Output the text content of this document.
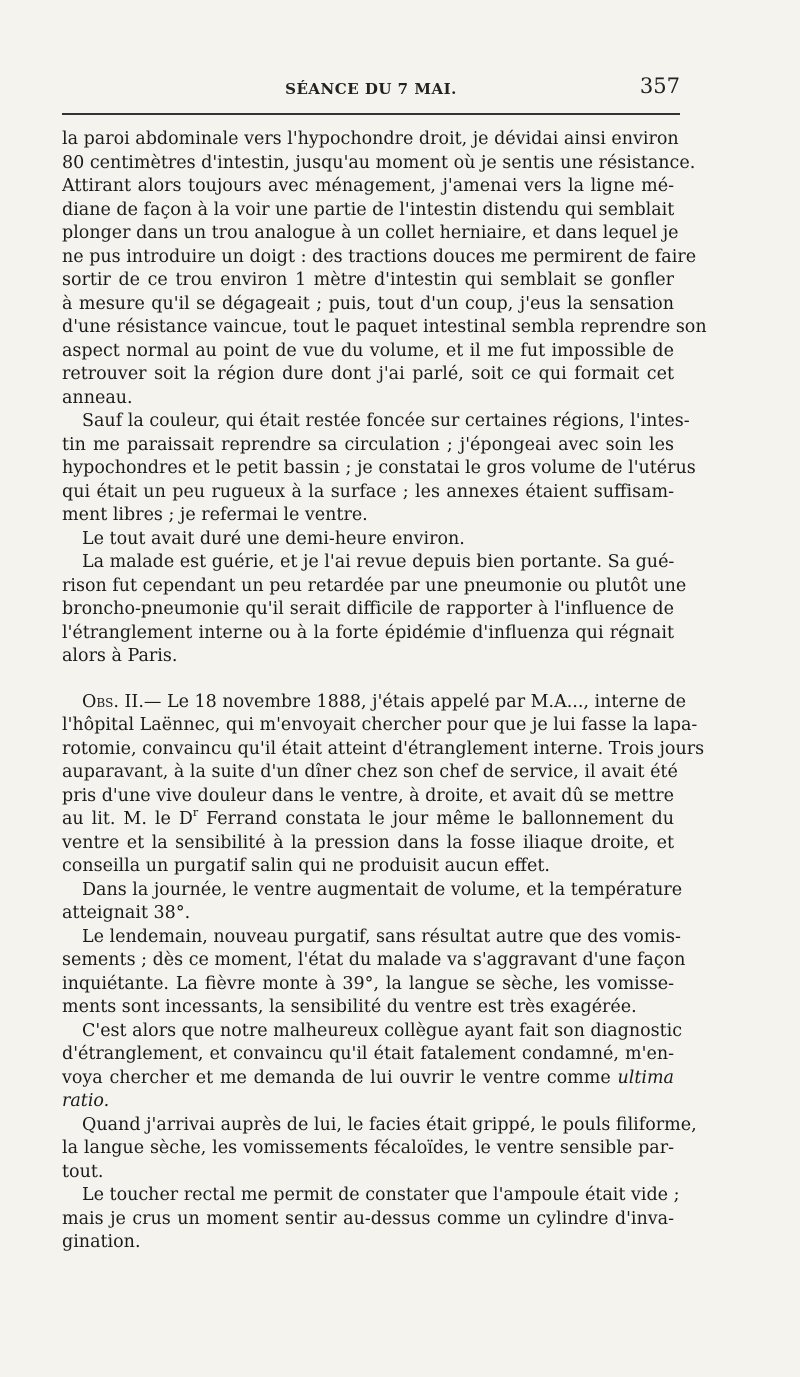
SÉANCE DU 7 MAI.	357
la paroi abdominale vers l'hypochondre droit, je dévidai ainsi environ
80 centimètres d'intestin, jusqu'au moment où je sentis une résistance.
Attirant alors toujours avec ménagement, j'amenai vers la ligne mé-
diane de façon à la voir une partie de l'intestin distendu qui semblait
plonger dans un trou analogue à un collet herniaire, et dans lequel je
ne pus introduire un doigt : des tractions douces me permirent de faire
sortir de ce trou environ 1 mètre d'intestin qui semblait se gonfler
à mesure qu'il se dégageait ; puis, tout d'un coup, j'eus la sensation
d'une résistance vaincue, tout le paquet intestinal sembla reprendre son
aspect normal au point de vue du volume, et il me fut impossible de
retrouver soit la région dure dont j'ai parlé, soit ce qui formait cet
anneau.
Sauf la couleur, qui était restée foncée sur certaines régions, l'intes-
tin me paraissait reprendre sa circulation ; j'épongeai avec soin les
hypochondres et le petit bassin ; je constatai le gros volume de l'utérus
qui était un peu rugueux à la surface ; les annexes étaient suffisam-
ment libres ; je refermai le ventre.
Le tout avait duré une demi-heure environ.
La malade est guérie, et je l'ai revue depuis bien portante. Sa gué-
rison fut cependant un peu retardée par une pneumonie ou plutôt une
broncho-pneumonie qu'il serait difficile de rapporter à l'influence de
l'étranglement interne ou à la forte épidémie d'influenza qui régnait
alors à Paris.
Obs. II.— Le 18 novembre 1888, j'étais appelé par M.A..., interne de
l'hôpital Laënnec, qui m'envoyait chercher pour que je lui fasse la lapa-
rotomie, convaincu qu'il était atteint d'étranglement interne. Trois jours
auparavant, à la suite d'un dîner chez son chef de service, il avait été
pris d'une vive douleur dans le ventre, à droite, et avait dû se mettre
au lit. M. le $D^r$ Ferrand constata le jour même le ballonnement du
ventre et la sensibilité à la pression dans la fosse iliaque droite, et
conseilla un purgatif salin qui ne produisit aucun effet.
Dans la journée, le ventre augmentait de volume, et la température
atteignait 38°.
Le lendemain, nouveau purgatif, sans résultat autre que des vomis-
sements ; dès ce moment, l'état du malade va s'aggravant d'une façon
inquiétante. La fièvre monte à 39°, la langue se sèche, les vomisse-
ments sont incessants, la sensibilité du ventre est très exagérée.
C'est alors que notre malheureux collègue ayant fait son diagnostic
d'étranglement, et convaincu qu'il était fatalement condamné, m'en-
voya chercher et me demanda de lui ouvrir le ventre comme ultima
ratio.
Quand j'arrivai auprès de lui, le facies était grippé, le pouls filiforme,
la langue sèche, les vomissements fécaloïdes, le ventre sensible par-
tout.
Le toucher rectal me permit de constater que l'ampoule était vide ;
mais je crus un moment sentir au-dessus comme un cylindre d'inva-
gination.
